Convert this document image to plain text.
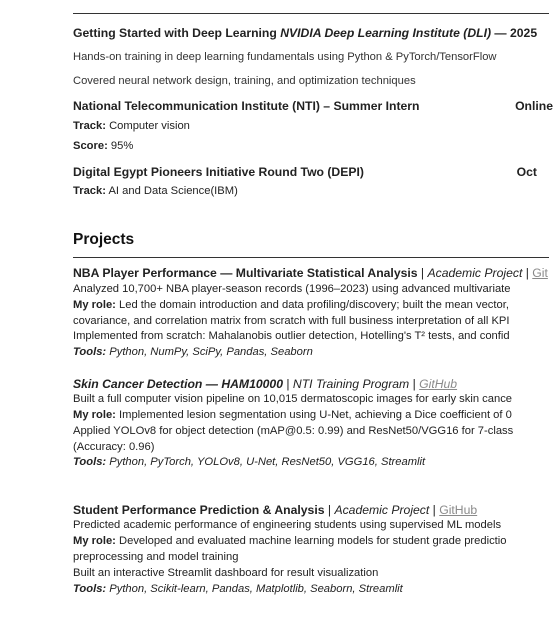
Getting Started with Deep Learning NVIDIA Deep Learning Institute (DLI) — 2025
Hands-on training in deep learning fundamentals using Python & PyTorch/TensorFlow
Covered neural network design, training, and optimization techniques
National Telecommunication Institute (NTI) – Summer Intern	Online
Track: Computer vision
Score: 95%
Digital Egypt Pioneers Initiative Round Two (DEPI)	Oct
Track: AI and Data Science(IBM)
Projects
NBA Player Performance — Multivariate Statistical Analysis | Academic Project | Git
Analyzed 10,700+ NBA player-season records (1996–2023) using advanced multivariate
My role: Led the domain introduction and data profiling/discovery; built the mean vector,
covariance, and correlation matrix from scratch with full business interpretation of all KPI
Implemented from scratch: Mahalanobis outlier detection, Hotelling's T² tests, and confid
Tools: Python, NumPy, SciPy, Pandas, Seaborn
Skin Cancer Detection — HAM10000 | NTI Training Program | GitHub
Built a full computer vision pipeline on 10,015 dermatoscopic images for early skin cance
My role: Implemented lesion segmentation using U-Net, achieving a Dice coefficient of 0
Applied YOLOv8 for object detection (mAP@0.5: 0.99) and ResNet50/VGG16 for 7-class
(Accuracy: 0.96)
Tools: Python, PyTorch, YOLOv8, U-Net, ResNet50, VGG16, Streamlit
Student Performance Prediction & Analysis | Academic Project | GitHub
Predicted academic performance of engineering students using supervised ML models
My role: Developed and evaluated machine learning models for student grade predictio
preprocessing and model training
Built an interactive Streamlit dashboard for result visualization
Tools: Python, Scikit-learn, Pandas, Matplotlib, Seaborn, Streamlit
